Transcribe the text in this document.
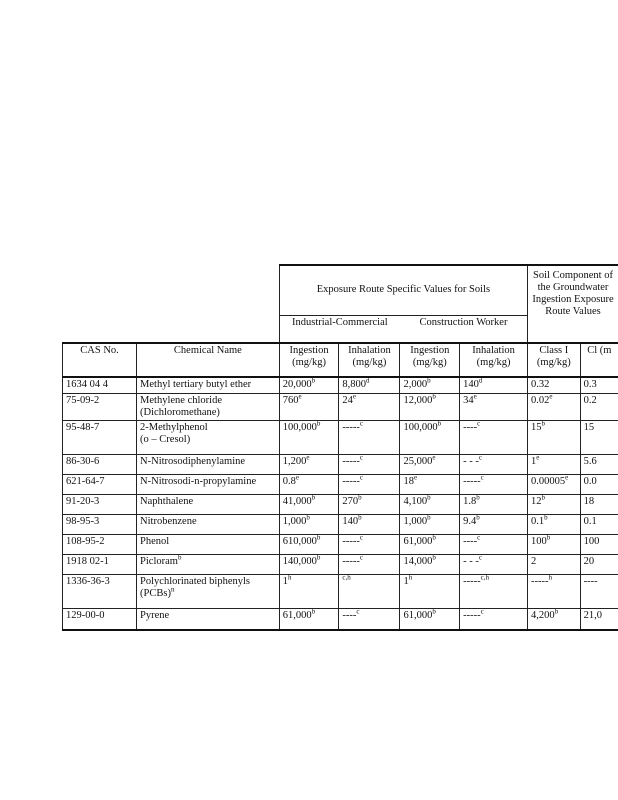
		Exposure Route Specific Values for Soils				Soil Component of the Groundwater Ingestion Exposure Route Values	
		Industrial-Commercial		Construction Worker			
CAS No.	Chemical Name	Ingestion (mg/kg)	Inhalation (mg/kg)	Ingestion (mg/kg)	Inhalation (mg/kg)	Class I (mg/kg)	Cl (m
1634 04 4	Methyl tertiary butyl ether	20,000$^b$	8,800$^d$	2,000$^b$	140$^d$	0.32	0.3
75-09-2	Methylene chloride
(Dichloromethane)	760e	24e	12,000$^b$	34e	0.02e	0.2
95-48-7	2-Methylphenol
(o – Cresol)	100,000$^b$	-----$^c$	100,000$^b$	----$^c$	15$^b$	15
86-30-6	N-Nitrosodiphenylamine	1,200e	-----$^c$	25,000e	- - -$^c$	1e	5.6
621-64-7	N-Nitrosodi-n-propylamine	0.8e	-----$^c$	18e	-----$^c$	0.00005e	0.0
91-20-3	Naphthalene	41,000$^b$	270$^b$	4,100$^b$	1.8$^b$	12$^b$	18
98-95-3	Nitrobenzene	1,000$^b$	140$^b$	1,000$^b$	9.4$^b$	0.1$^b$	0.1
108-95-2	Phenol	610,000$^b$	-----$^c$	61,000$^b$	----$^c$	100$^b$	100
1918 02-1	Picloram$^b$	140,000$^b$	-----$^c$	14,000$^b$	- - -$^c$	2	20
1336-36-3	Polychlorinated biphenyls
(PCBs)$^n$	1$^h$	$^{c,h}$	1$^h$	-----$^{c,h}$	-----$^h$	----
129-00-0	Pyrene	61,000$^b$	----$^c$	61,000$^b$	-----$^c$	4,200$^b$	21,0
